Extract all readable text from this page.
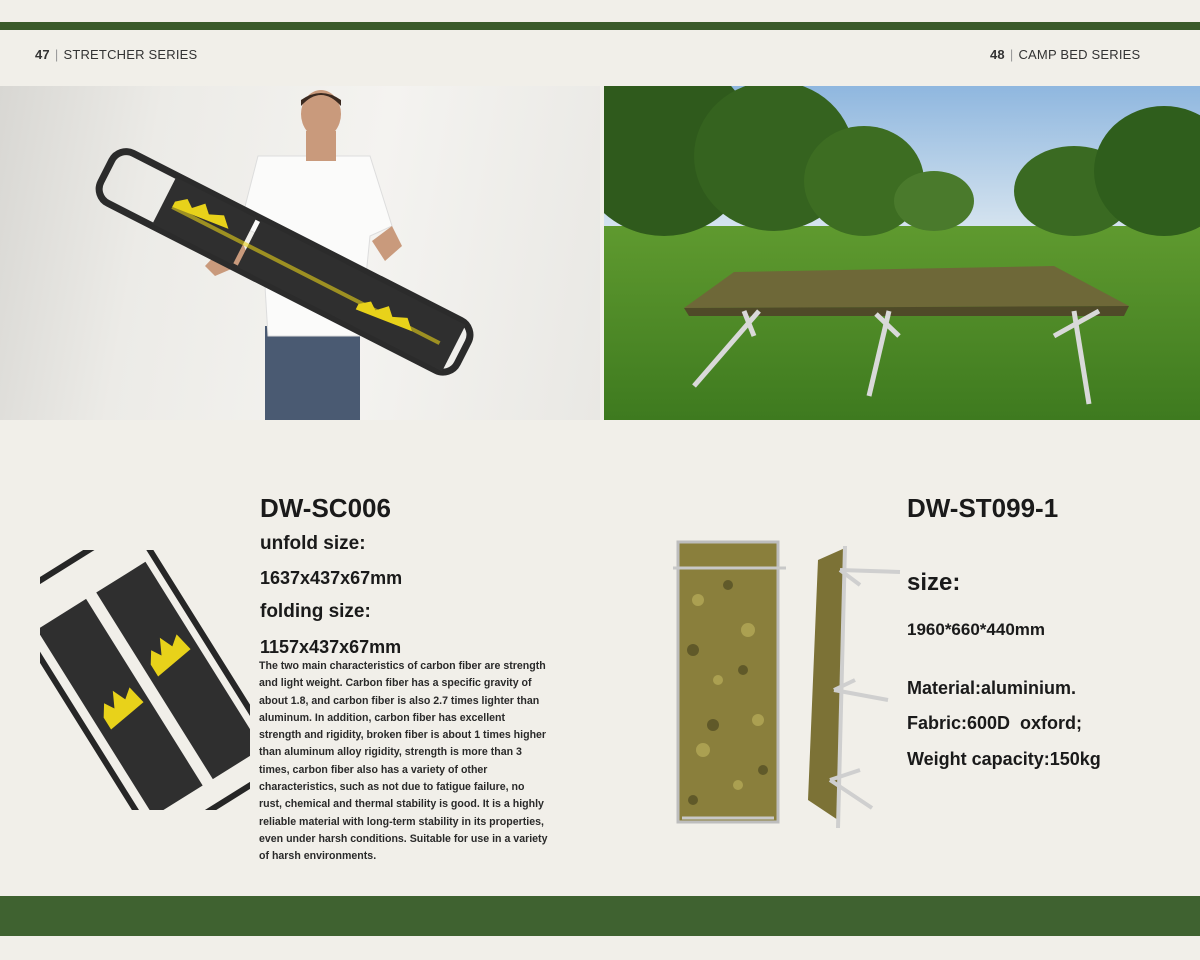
47 | STRETCHER SERIES	48 | CAMP BED SERIES
DW-SC006
unfold size:
1637x437x67mm
folding size:
1157x437x67mm
The two main characteristics of carbon fiber are strength and light weight. Carbon fiber has a specific gravity of about 1.8, and carbon fiber is also 2.7 times lighter than aluminum. In addition, carbon fiber has excellent strength and rigidity, broken fiber is about 1 times higher than aluminum alloy rigidity, strength is more than 3 times, carbon fiber also has a variety of other characteristics, such as not due to fatigue failure, no rust, chemical and thermal stability is good. It is a highly reliable material with long-term stability in its properties, even under harsh conditions. Suitable for use in a variety of harsh environments.
DW-ST099-1
size:
1960*660*440mm
Material:aluminium.
Fabric:600D  oxford;
Weight capacity:150kg
